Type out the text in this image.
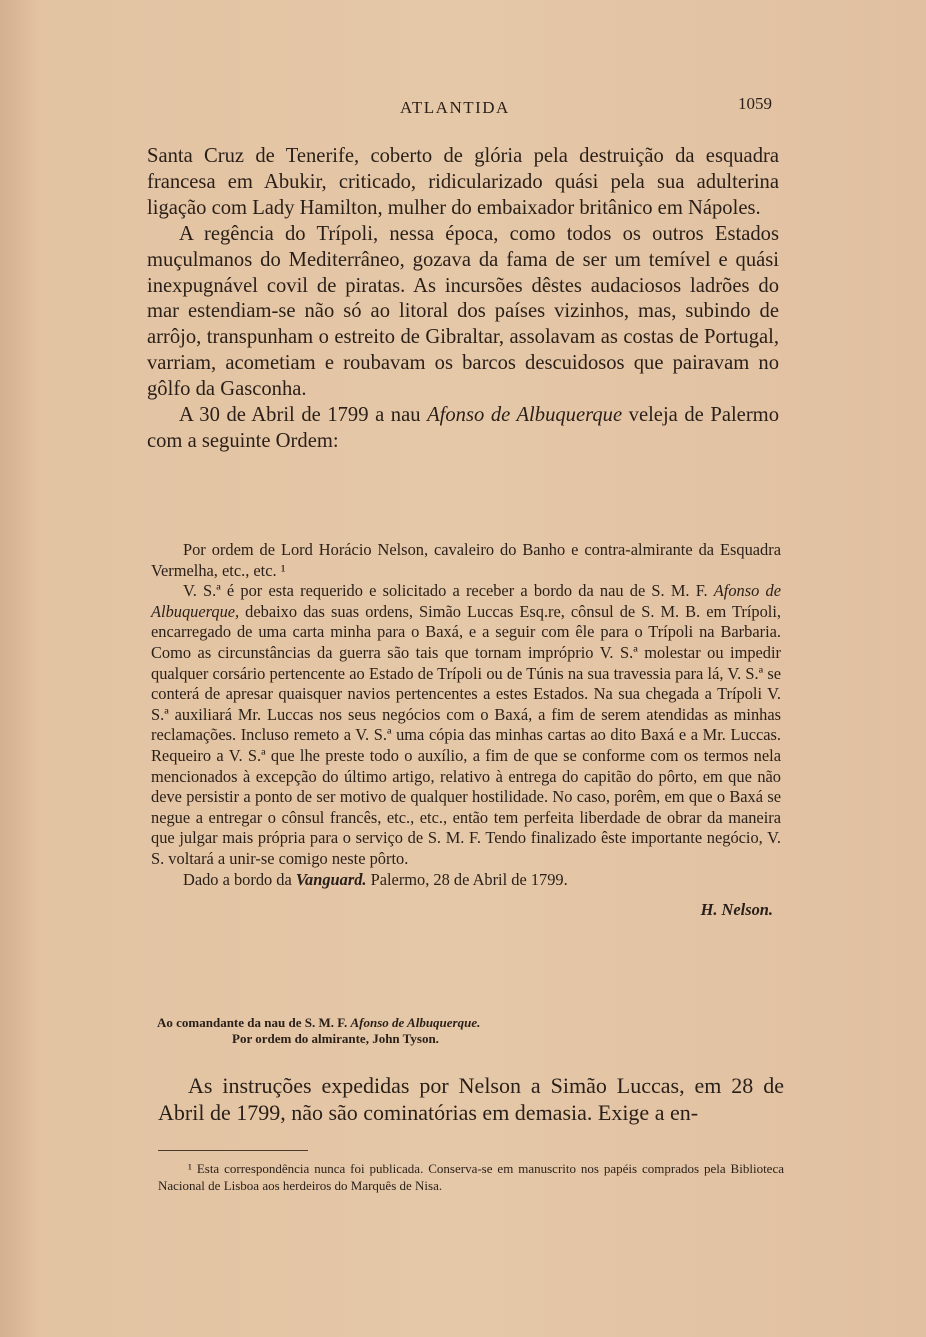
ATLANTIDA	1059

Santa Cruz de Tenerife, coberto de glória pela destruição da esquadra francesa em Abukir, criticado, ridicularizado quási pela sua adulterina ligação com Lady Hamilton, mulher do embaixador britânico em Nápoles.

A regência do Trípoli, nessa época, como todos os outros Estados muçulmanos do Mediterrâneo, gozava da fama de ser um temível e quási inexpugnável covil de piratas. As incursões dêstes audaciosos ladrões do mar estendiam-se não só ao litoral dos países vizinhos, mas, subindo de arrôjo, transpunham o estreito de Gibraltar, assolavam as costas de Portugal, varriam, acometiam e roubavam os barcos descuidosos que pairavam no gôlfo da Gasconha.

A 30 de Abril de 1799 a nau Afonso de Albuquerque veleja de Palermo com a seguinte Ordem:

Por ordem de Lord Horácio Nelson, cavaleiro do Banho e contra-almirante da Esquadra Vermelha, etc., etc. ¹

V. S.ª é por esta requerido e solicitado a receber a bordo da nau de S. M. F. Afonso de Albuquerque, debaixo das suas ordens, Simão Luccas Esq.re, cônsul de S. M. B. em Trípoli, encarregado de uma carta minha para o Baxá, e a seguir com êle para o Trípoli na Barbaria. Como as circunstâncias da guerra são tais que tornam impróprio V. S.ª molestar ou impedir qualquer corsário pertencente ao Estado de Trípoli ou de Túnis na sua travessia para lá, V. S.ª se conterá de apresar quaisquer navios pertencentes a estes Estados. Na sua chegada a Trípoli V. S.ª auxiliará Mr. Luccas nos seus negócios com o Baxá, a fim de serem atendidas as minhas reclamações. Incluso remeto a V. S.ª uma cópia das minhas cartas ao dito Baxá e a Mr. Luccas. Requeiro a V. S.ª que lhe preste todo o auxílio, a fim de que se conforme com os termos nela mencionados à excepção do último artigo, relativo à entrega do capitão do pôrto, em que não deve persistir a ponto de ser motivo de qualquer hostilidade. No caso, porêm, em que o Baxá se negue a entregar o cônsul francês, etc., etc., então tem perfeita liberdade de obrar da maneira que julgar mais própria para o serviço de S. M. F. Tendo finalizado êste importante negócio, V. S. voltará a unir-se comigo neste pôrto.

Dado a bordo da Vanguard. Palermo, 28 de Abril de 1799.

H. Nelson.

Ao comandante da nau de S. M. F. Afonso de Albuquerque.

Por ordem do almirante, John Tyson.

As instruções expedidas por Nelson a Simão Luccas, em 28 de Abril de 1799, não são cominatórias em demasia. Exige a en-

¹ Esta correspondência nunca foi publicada. Conserva-se em manuscrito nos papéis comprados pela Biblioteca Nacional de Lisboa aos herdeiros do Marquês de Nisa.
